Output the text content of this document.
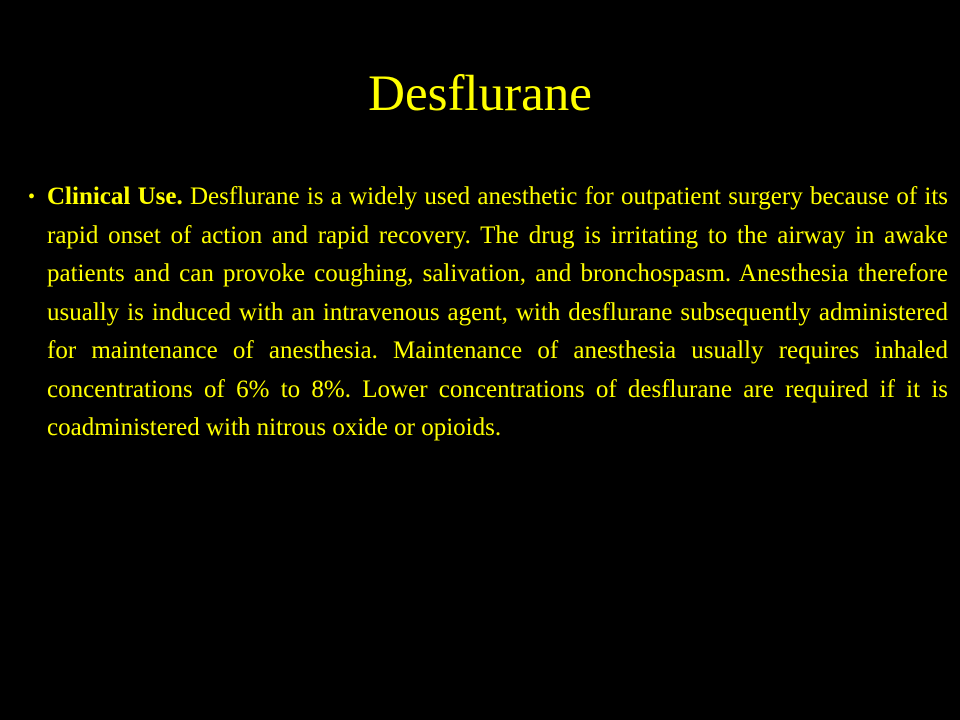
Desflurane
• Clinical Use. Desflurane is a widely used anesthetic for outpatient surgery because of its rapid onset of action and rapid recovery. The drug is irritating to the airway in awake patients and can provoke coughing, salivation, and bronchospasm. Anesthesia therefore usually is induced with an intravenous agent, with desflurane subsequently administered for maintenance of anesthesia. Maintenance of anesthesia usually requires inhaled concentrations of 6% to 8%. Lower concentrations of desflurane are required if it is coadministered with nitrous oxide or opioids.
